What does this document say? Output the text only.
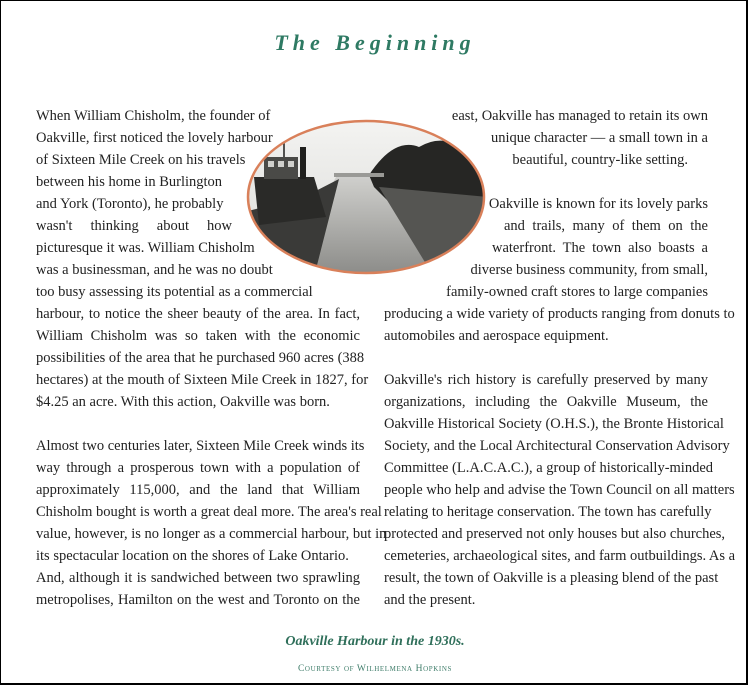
The Beginning

When William Chisholm, the founder of

Oakville, first noticed the lovely harbour

of Sixteen Mile Creek on his travels

between his home in Burlington

and York (Toronto), he probably

wasn't thinking about how

picturesque it was. William Chisholm

was a businessman, and he was no doubt

too busy assessing its potential as a commercial

harbour, to notice the sheer beauty of the area. In fact,

William Chisholm was so taken with the economic

possibilities of the area that he purchased 960 acres (388

hectares) at the mouth of Sixteen Mile Creek in 1827, for

$4.25 an acre. With this action, Oakville was born.

Almost two centuries later, Sixteen Mile Creek winds its

way through a prosperous town with a population of

approximately 115,000, and the land that William

Chisholm bought is worth a great deal more. The area's real

value, however, is no longer as a commercial harbour, but in

its spectacular location on the shores of Lake Ontario.

And, although it is sandwiched between two sprawling

metropolises, Hamilton on the west and Toronto on the

east, Oakville has managed to retain its own

unique character — a small town in a

beautiful, country-like setting.

Oakville is known for its lovely parks

and trails, many of them on the

waterfront. The town also boasts a

diverse business community, from small,

family-owned craft stores to large companies

producing a wide variety of products ranging from donuts to

automobiles and aerospace equipment.

Oakville's rich history is carefully preserved by many

organizations, including the Oakville Museum, the

Oakville Historical Society (O.H.S.), the Bronte Historical

Society, and the Local Architectural Conservation Advisory

Committee (L.A.C.A.C.), a group of historically-minded

people who help and advise the Town Council on all matters

relating to heritage conservation. The town has carefully

protected and preserved not only houses but also churches,

cemeteries, archaeological sites, and farm outbuildings. As a

result, the town of Oakville is a pleasing blend of the past

and the present.

Oakville Harbour in the 1930s.

Courtesy of Wilhelmena Hopkins
